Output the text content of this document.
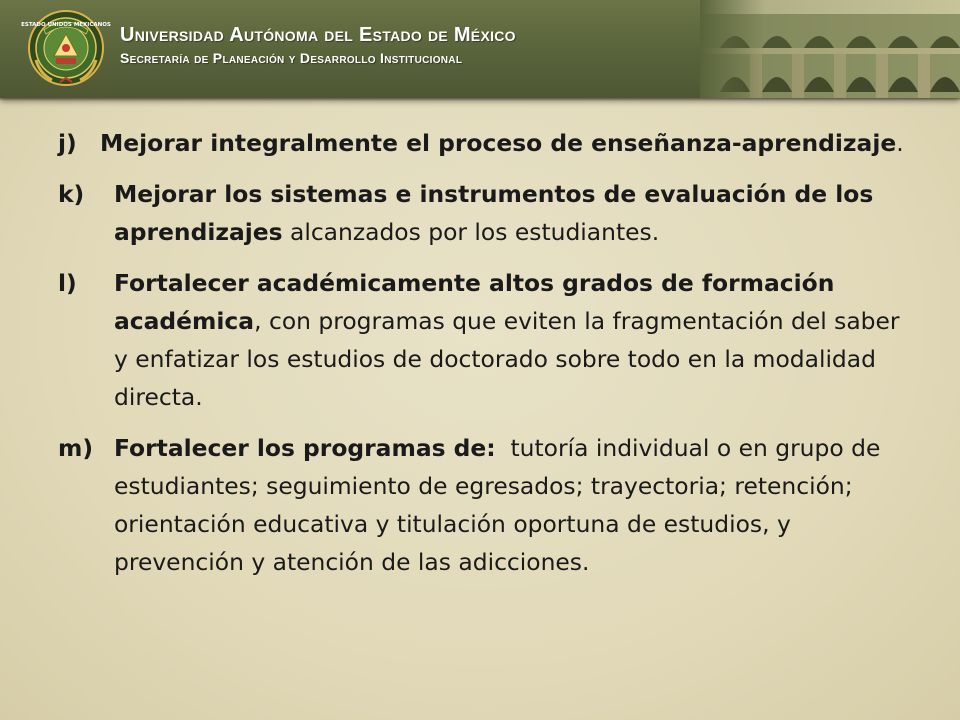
ESTADO UNIDOS MEXICANOS Universidad Autónoma del Estado de México
Secretaría de Planeación y Desarrollo Institucional
j) Mejorar integralmente el proceso de enseñanza-aprendizaje.
k)	Mejorar los sistemas e instrumentos de evaluación de los aprendizajes alcanzados por los estudiantes.
l)	Fortalecer académicamente altos grados de formación académica, con programas que eviten la fragmentación del saber y enfatizar los estudios de doctorado sobre todo en la modalidad directa.
m) Fortalecer los programas de:  tutoría individual o en grupo de estudiantes; seguimiento de egresados; trayectoria; retención; orientación educativa y titulación oportuna de estudios, y  prevención y atención de las adicciones.
